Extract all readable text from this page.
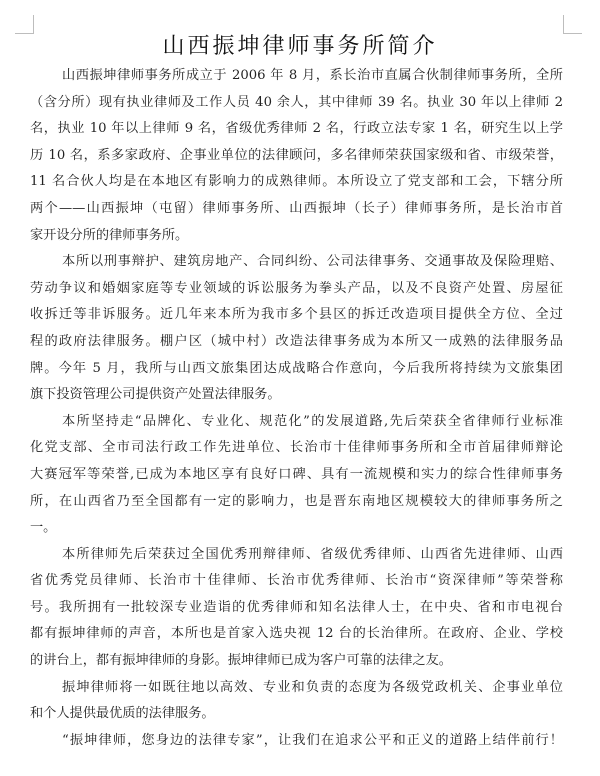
山西振坤律师事务所简介
山西振坤律师事务所成立于 2006 年 8 月，系长治市直属合伙制律师事务所，全所
（含分所）现有执业律师及工作人员 40 余人，其中律师 39 名。执业 30 年以上律师 2
名，执业 10 年以上律师 9 名，省级优秀律师 2 名，行政立法专家 1 名，研究生以上学
历 10 名，系多家政府、企事业单位的法律顾问，多名律师荣获国家级和省、市级荣誉，
11 名合伙人均是在本地区有影响力的成熟律师。本所设立了党支部和工会，下辖分所
两个——山西振坤（屯留）律师事务所、山西振坤（长子）律师事务所，是长治市首
家开设分所的律师事务所。
本所以刑事辩护、建筑房地产、合同纠纷、公司法律事务、交通事故及保险理赔、
劳动争议和婚姻家庭等专业领域的诉讼服务为拳头产品，以及不良资产处置、房屋征
收拆迁等非诉服务。近几年来本所为我市多个县区的拆迁改造项目提供全方位、全过
程的政府法律服务。棚户区（城中村）改造法律事务成为本所又一成熟的法律服务品
牌。今年 5 月，我所与山西文旅集团达成战略合作意向，今后我所将持续为文旅集团
旗下投资管理公司提供资产处置法律服务。
本所坚持走“品牌化、专业化、规范化”的发展道路,先后荣获全省律师行业标准
化党支部、全市司法行政工作先进单位、长治市十佳律师事务所和全市首届律师辩论
大赛冠军等荣誉,已成为本地区享有良好口碑、具有一流规模和实力的综合性律师事务
所，在山西省乃至全国都有一定的影响力，也是晋东南地区规模较大的律师事务所之
一。
本所律师先后荣获过全国优秀刑辩律师、省级优秀律师、山西省先进律师、山西
省优秀党员律师、长治市十佳律师、长治市优秀律师、长治市“资深律师”等荣誉称
号。我所拥有一批较深专业造诣的优秀律师和知名法律人士，在中央、省和市电视台
都有振坤律师的声音，本所也是首家入选央视 12 台的长治律所。在政府、企业、学校
的讲台上，都有振坤律师的身影。振坤律师已成为客户可靠的法律之友。
振坤律师将一如既往地以高效、专业和负责的态度为各级党政机关、企事业单位
和个人提供最优质的法律服务。
“振坤律师，您身边的法律专家”，让我们在追求公平和正义的道路上结伴前行！
